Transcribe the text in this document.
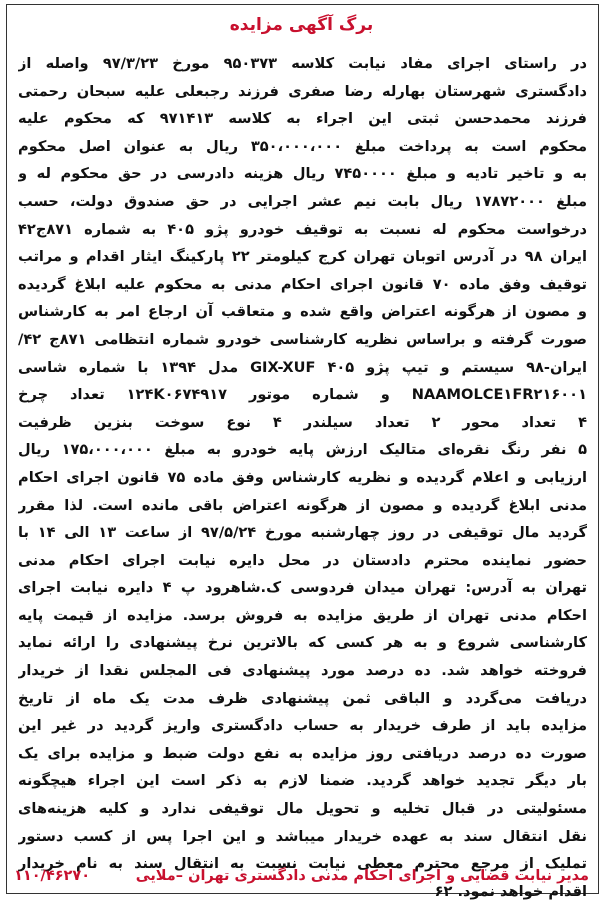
برگ آگهی مزایده
در راستای اجرای مفاد نیابت کلاسه ۹۵۰۳۷۳ مورخ ۹۷/۳/۲۳ واصله از
دادگستری شهرستان بهارله رضا صفری فرزند رجبعلی علیه سبحان رحمتی
فرزند محمدحسن ثبتی این اجراء به کلاسه ۹۷۱۴۱۳ که محکوم علیه
محکوم است به پرداخت مبلغ ۳۵۰،۰۰۰،۰۰۰ ریال به عنوان اصل محکوم
به و تاخیر تادیه و مبلغ ۷۴۵۰۰۰۰ ریال هزینه دادرسی در حق محکوم له و
مبلغ ۱۷۸۷۲۰۰۰ ریال بابت نیم عشر اجرایی در حق صندوق دولت، حسب
درخواست محکوم له نسبت به توقیف خودرو پژو ۴۰۵ به شماره ۸۷۱ج۴۲
ایران ۹۸ در آدرس اتوبان تهران کرج کیلومتر ۲۲ پارکینگ ایثار اقدام و مراتب
توقیف وفق ماده ۷۰ قانون اجرای احکام مدنی به محکوم علیه ابلاغ گردیده
و مصون از هرگونه اعتراض واقع شده و متعاقب آن ارجاع امر به کارشناس
صورت گرفته و براساس نظریه کارشناسی خودرو شماره انتظامی ۸۷۱ج ۴۲/
ایران-۹۸ سیستم و تیپ پژو ۴۰۵ GIX-XUF مدل ۱۳۹۴ با شماره شاسی
NAAMOLCE۱FR۲۱۶۰۰۱ و شماره موتور ۱۲۴K۰۶۷۴۹۱۷ تعداد چرخ
۴ تعداد محور ۲ تعداد سیلندر ۴ نوع سوخت بنزین ظرفیت
۵ نفر رنگ نقره‌ای متالیک ارزش پایه خودرو به مبلغ ۱۷۵،۰۰۰،۰۰۰ ریال
ارزیابی و اعلام گردیده و نظریه کارشناس وفق ماده ۷۵ قانون اجرای احکام
مدنی ابلاغ گردیده و مصون از هرگونه اعتراض باقی مانده است. لذا مقرر
گردید مال توقیفی در روز چهارشنبه مورخ ۹۷/۵/۲۴ از ساعت ۱۳ الی ۱۴ با
حضور نماینده محترم دادستان در محل دایره نیابت اجرای احکام مدنی
تهران به آدرس: تهران میدان فردوسی ک.شاهرود پ ۴ دایره نیابت اجرای
احکام مدنی تهران از طریق مزایده به فروش برسد. مزایده از قیمت پایه
کارشناسی شروع و به هر کسی که بالاترین نرخ پیشنهادی را ارائه نماید
فروخته خواهد شد. ده درصد مورد پیشنهادی فی المجلس نقدا از خریدار
دریافت می‌گردد و الباقی ثمن پیشنهادی ظرف مدت یک ماه از تاریخ
مزایده باید از طرف خریدار به حساب دادگستری واریز گردید در غیر این
صورت ده درصد دریافتی روز مزایده به نفع دولت ضبط و مزایده برای یک
بار دیگر تجدید خواهد گردید. ضمنا لازم به ذکر است این اجراء هیچگونه
مسئولیتی در قبال تخلیه و تحویل مال توقیفی ندارد و کلیه هزینه‌های
نقل انتقال سند به عهده خریدار میباشد و این اجرا پس از کسب دستور
تملیک از مرجع محترم معطی نیابت نسبت به انتقال سند به نام خریدار
اقدام خواهد نمود. ۶۲
مدیر نیابت قضایی و اجرای احکام مدنی دادگستری تهران –ملایی
۱۱۰/۴۶۲۷۰
